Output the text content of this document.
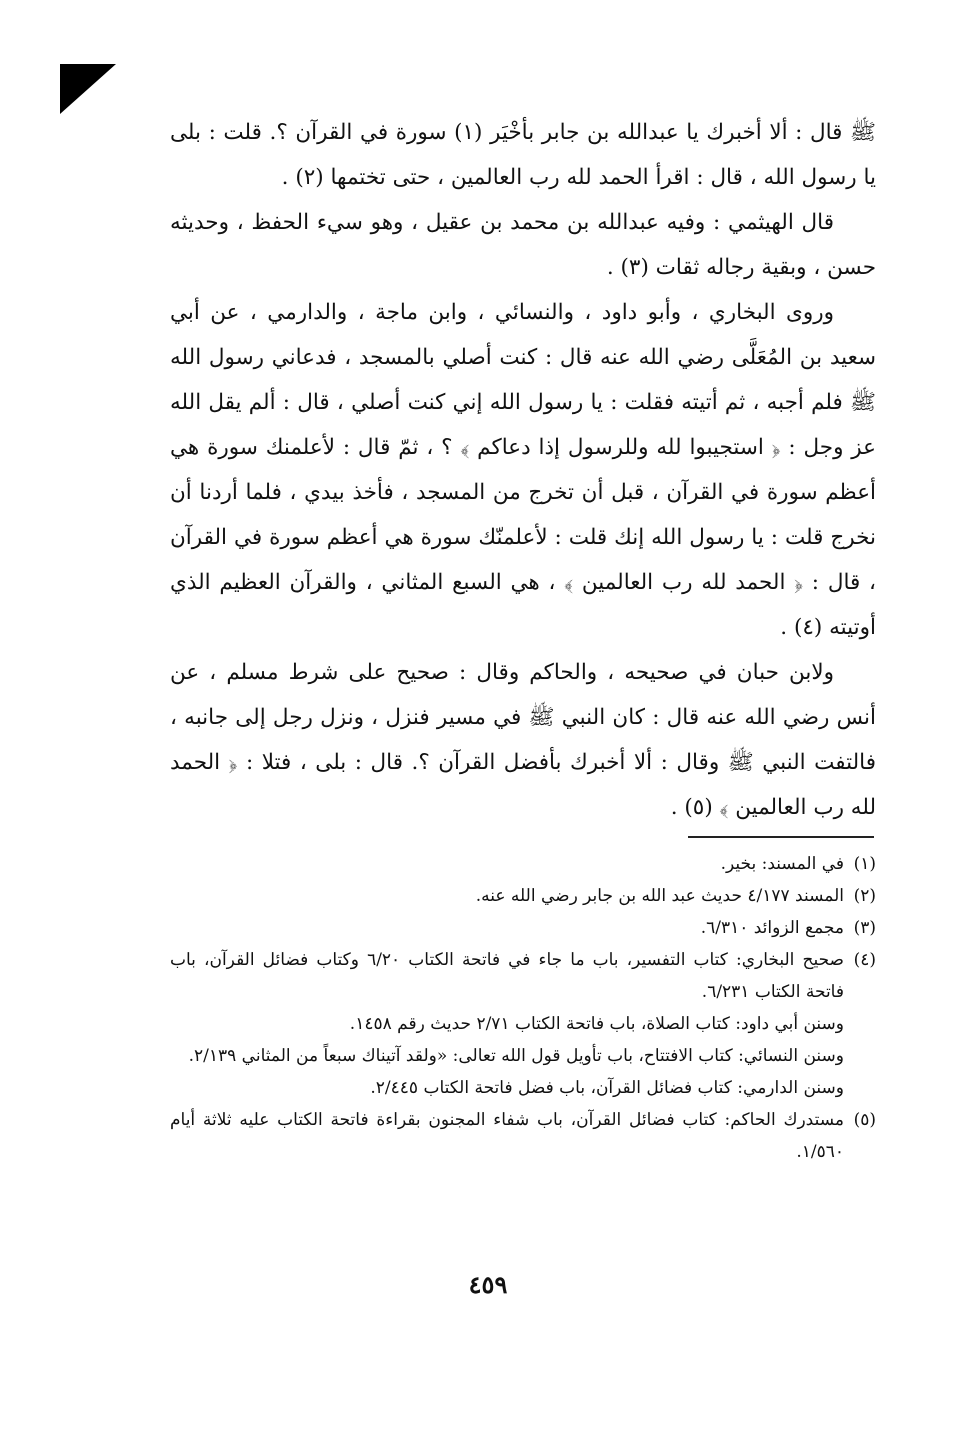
ﷺ قال : ألا أخبرك يا عبدالله بن جابر بأخْيَر (١) سورة في القرآن ؟. قلت : بلى يا رسول الله ، قال : اقرأ الحمد لله رب العالمين ، حتى تختمها (٢) .

قال الهيثمي : وفيه عبدالله بن محمد بن عقيل ، وهو سيء الحفظ ، وحديثه حسن ، وبقية رجاله ثقات (٣) .

وروى البخاري ، وأبو داود ، والنسائي ، وابن ماجة ، والدارمي ، عن أبي سعيد بن المُعَلَّى رضي الله عنه قال : كنت أصلي بالمسجد ، فدعاني رسول الله ﷺ فلم أجبه ، ثم أتيته فقلت : يا رسول الله إني كنت أصلي ، قال : ألم يقل الله عز وجل : ﴿ استجيبوا لله وللرسول إذا دعاكم ﴾ ؟ ، ثمّ قال : لأعلمنك سورة هي أعظم سورة في القرآن ، قبل أن تخرج من المسجد ، فأخذ بيدي ، فلما أردنا أن نخرج قلت : يا رسول الله إنك قلت : لأعلمنّك سورة هي أعظم سورة في القرآن ، قال : ﴿ الحمد لله رب العالمين ﴾ ، هي السبع المثاني ، والقرآن العظيم الذي أوتيته (٤) .

ولابن حبان في صحيحه ، والحاكم وقال : صحيح على شرط مسلم ، عن أنس رضي الله عنه قال : كان النبي ﷺ في مسير فنزل ، ونزل رجل إلى جانبه ، فالتفت النبي ﷺ وقال : ألا أخبرك بأفضل القرآن ؟. قال : بلى ، فتلا : ﴿ الحمد لله رب العالمين ﴾ (٥) .

(١)
في المسند: بخير.

(٢)
المسند ٤/١٧٧ حديث عبد الله بن جابر رضي الله عنه.

(٣)
مجمع الزوائد ٦/٣١٠.

(٤)
صحيح البخاري: كتاب التفسير، باب ما جاء في فاتحة الكتاب ٦/٢٠ وكتاب فضائل القرآن، باب فاتحة الكتاب ٦/٢٣١.

وسنن أبي داود: كتاب الصلاة، باب فاتحة الكتاب ٢/٧١ حديث رقم ١٤٥٨.

وسنن النسائي: كتاب الافتتاح، باب تأويل قول الله تعالى: «ولقد آتيناك سبعاً من المثاني ٢/١٣٩.

وسنن الدارمي: كتاب فضائل القرآن، باب فضل فاتحة الكتاب ٢/٤٤٥.

(٥)
مستدرك الحاكم: كتاب فضائل القرآن، باب شفاء المجنون بقراءة فاتحة الكتاب عليه ثلاثة أيام ١/٥٦٠.

٤٥٩
